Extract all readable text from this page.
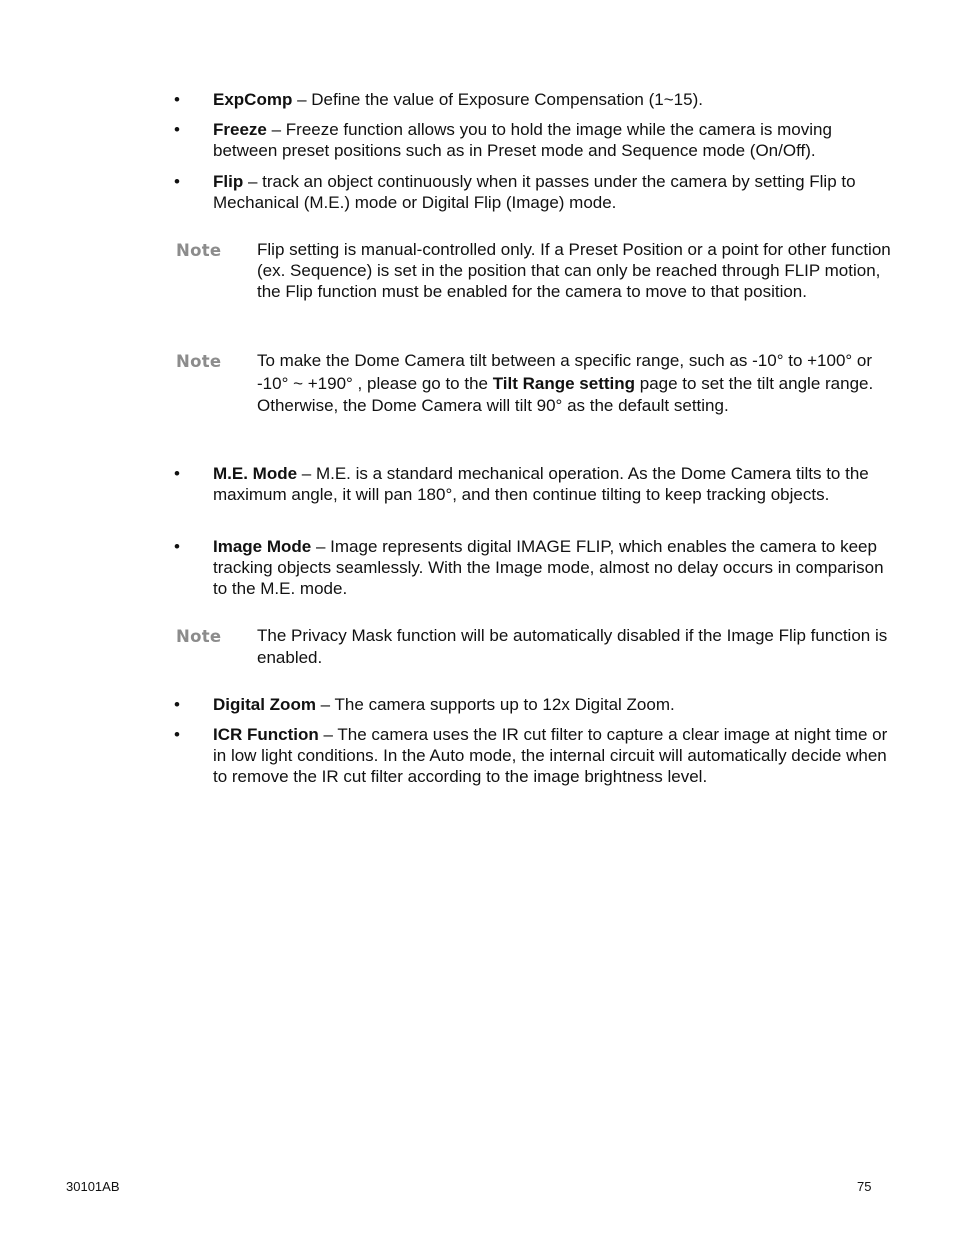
•	ExpComp – Define the value of Exposure Compensation (1~15).
•	Freeze – Freeze function allows you to hold the image while the camera is moving between preset positions such as in Preset mode and Sequence mode (On/Off).
•	Flip – track an object continuously when it passes under the camera by setting Flip to Mechanical (M.E.) mode or Digital Flip (Image) mode.
Note Flip setting is manual-controlled only. If a Preset Position or a point for other function (ex. Sequence) is set in the position that can only be reached through FLIP motion, the Flip function must be enabled for the camera to move to that position.
Note To make the Dome Camera tilt between a specific range, such as -10° to +100° or -10° ~ +190° , please go to the Tilt Range setting page to set the tilt angle range. Otherwise, the Dome Camera will tilt 90° as the default setting.
•	M.E. Mode – M.E. is a standard mechanical operation. As the Dome Camera tilts to the maximum angle, it will pan 180°, and then continue tilting to keep tracking objects.
•	Image Mode – Image represents digital IMAGE FLIP, which enables the camera to keep tracking objects seamlessly. With the Image mode, almost no delay occurs in comparison to the M.E. mode.
Note The Privacy Mask function will be automatically disabled if the Image Flip function is enabled.
•	Digital Zoom – The camera supports up to 12x Digital Zoom.
•	ICR Function – The camera uses the IR cut filter to capture a clear image at night time or in low light conditions. In the Auto mode, the internal circuit will automatically decide when to remove the IR cut filter according to the image brightness level.
30101AB	75
